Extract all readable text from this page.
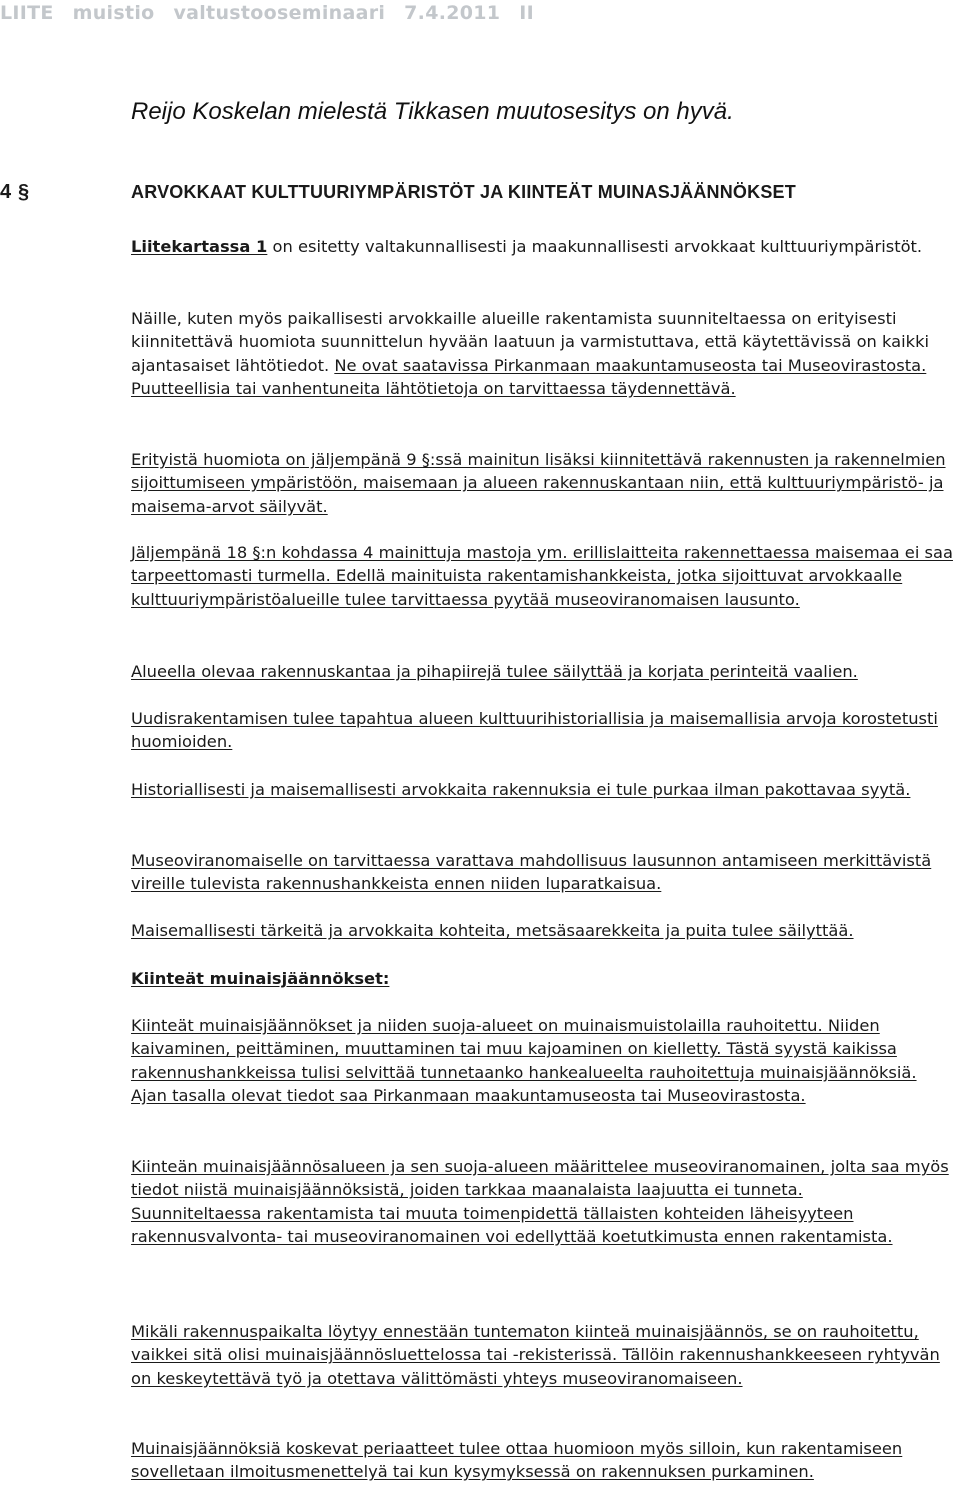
LIITE muistio valtustooseminaari 7.4.2011 II
Reijo Koskelan mielestä Tikkasen muutosesitys on hyvä.
4 §	ARVOKKAAT KULTTUURIYMPÄRISTÖT JA KIINTEÄT MUINASJÄÄNNÖKSET

Liitekartassa 1 on esitetty valtakunnallisesti ja maakunnallisesti arvokkaat kulttuuriympäristöt.

Näille, kuten myös paikallisesti arvokkaille alueille rakentamista suunniteltaessa on erityisesti kiinnitettävä huomiota suunnittelun hyvään laatuun ja varmistuttava, että käytettävissä on kaikki ajantasaiset lähtötiedot. Ne ovat saatavissa Pirkanmaan maakuntamuseosta tai Museovirastosta. Puutteellisia tai vanhentuneita lähtötietoja on tarvittaessa täydennettävä.

Erityistä huomiota on jäljempänä 9 §:ssä mainitun lisäksi kiinnitettävä rakennusten ja rakennelmien sijoittumiseen ympäristöön, maisemaan ja alueen rakennuskantaan niin, että kulttuuriympäristö- ja maisema-arvot säilyvät.

Jäljempänä 18 §:n kohdassa 4 mainittuja mastoja ym. erillislaitteita rakennettaessa maisemaa ei saa tarpeettomasti turmella. Edellä mainituista rakentamishankkeista, jotka sijoittuvat arvokkaalle kulttuuriympäristöalueille tulee tarvittaessa pyytää museoviranomaisen lausunto.

Alueella olevaa rakennuskantaa ja pihapiirejä tulee säilyttää ja korjata perinteitä vaalien.

Uudisrakentamisen tulee tapahtua alueen kulttuurihistoriallisia ja maisemallisia arvoja korostetusti huomioiden.

Historiallisesti ja maisemallisesti arvokkaita rakennuksia ei tule purkaa ilman pakottavaa syytä.

Museoviranomaiselle on tarvittaessa varattava mahdollisuus lausunnon antamiseen merkittävistä vireille tulevista rakennushankkeista ennen niiden luparatkaisua.

Maisemallisesti tärkeitä ja arvokkaita kohteita, metsäsaarekkeita ja puita tulee säilyttää.

Kiinteät muinaisjäännökset:

Kiinteät muinaisjäännökset ja niiden suoja-alueet on muinaismuistolailla rauhoitettu. Niiden kaivaminen, peittäminen, muuttaminen tai muu kajoaminen on kielletty. Tästä syystä kaikissa rakennushankkeissa tulisi selvittää tunnetaanko hankealueelta rauhoitettuja muinaisjäännöksiä.

Ajan tasalla olevat tiedot saa Pirkanmaan maakuntamuseosta tai Museovirastosta.

Kiinteän muinaisjäännösalueen ja sen suoja-alueen määrittelee museoviranomainen, jolta saa myös tiedot niistä muinaisjäännöksistä, joiden tarkkaa maanalaista laajuutta ei tunneta.

Suunniteltaessa rakentamista tai muuta toimenpidettä tällaisten kohteiden läheisyyteen rakennusvalvonta- tai museoviranomainen voi edellyttää koetutkimusta ennen rakentamista.

Mikäli rakennuspaikalta löytyy ennestään tuntematon kiinteä muinaisjäännös, se on rauhoitettu, vaikkei sitä olisi muinaisjäännösluettelossa tai -rekisterissä. Tällöin rakennushankkeeseen ryhtyvän on keskeytettävä työ ja otettava välittömästi yhteys museoviranomaiseen.

Muinaisjäännöksiä koskevat periaatteet tulee ottaa huomioon myös silloin, kun rakentamiseen sovelletaan ilmoitusmenettelyä tai kun kysymyksessä on rakennuksen purkaminen.
